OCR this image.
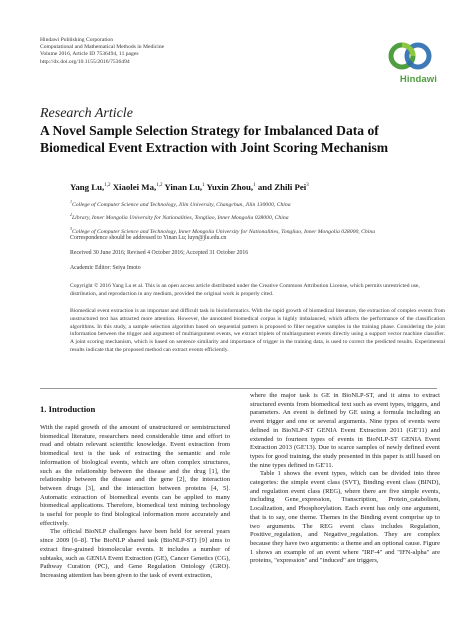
Hindawi Publishing Corporation
Computational and Mathematical Methods in Medicine
Volume 2016, Article ID 7536494, 11 pages
http://dx.doi.org/10.1155/2016/7536494
Hindawi
Research Article
A Novel Sample Selection Strategy for Imbalanced Data of Biomedical Event Extraction with Joint Scoring Mechanism
Yang Lu,$^{1,2}$ Xiaolei Ma,$^{1,2}$ Yinan Lu,$^1$ Yuxin Zhou,$^1$ and Zhili Pei$^3$
$^1$College of Computer Science and Technology, Jilin University, Changchun, Jilin 130000, China
$^2$Library, Inner Mongolia University for Nationalities, Tongliao, Inner Mongolia 028000, China
$^3$College of Computer Science and Technology, Inner Mongolia University for Nationalities, Tongliao, Inner Mongolia 028000, China
Correspondence should be addressed to Yinan Lu; luyn@jlu.edu.cn
Received 30 June 2016; Revised 4 October 2016; Accepted 31 October 2016
Academic Editor: Seiya Imoto
Copyright © 2016 Yang Lu et al. This is an open access article distributed under the Creative Commons Attribution License, which permits unrestricted use, distribution, and reproduction in any medium, provided the original work is properly cited.
Biomedical event extraction is an important and difficult task in bioinformatics. With the rapid growth of biomedical literature, the extraction of complex events from unstructured text has attracted more attention. However, the annotated biomedical corpus is highly imbalanced, which affects the performance of the classification algorithms. In this study, a sample selection algorithm based on sequential pattern is proposed to filter negative samples in the training phase. Considering the joint information between the trigger and argument of multiargument events, we extract triplets of multiargument events directly using a support vector machine classifier. A joint scoring mechanism, which is based on sentence similarity and importance of trigger in the training data, is used to correct the predicted results. Experimental results indicate that the proposed method can extract events efficiently.
1. Introduction

With the rapid growth of the amount of unstructured or semistructured biomedical literature, researchers need considerable time and effort to read and obtain relevant scientific knowledge. Event extraction from biomedical text is the task of extracting the semantic and role information of biological events, which are often complex structures, such as the relationship between the disease and the drug [1], the relationship between the disease and the gene [2], the interaction between drugs [3], and the interaction between proteins [4, 5]. Automatic extraction of biomedical events can be applied to many biomedical applications. Therefore, biomedical text mining technology is useful for people to find biological information more accurately and effectively.

The official BioNLP challenges have been held for several years since 2009 [6–8]. The BioNLP shared task (BioNLP-ST) [9] aims to extract fine-grained biomolecular events. It includes a number of subtasks, such as GENIA Event Extraction (GE), Cancer Genetics (CG), Pathway Curation (PC), and Gene Regulation Ontology (GRO). Increasing attention has been given to the task of event extraction,

where the major task is GE in BioNLP-ST, and it aims to extract structured events from biomedical text such as event types, triggers, and parameters. An event is defined by GE using a formula including an event trigger and one or several arguments. Nine types of events were defined in BioNLP-ST GENIA Event Extraction 2011 (GE'11) and extended to fourteen types of events in BioNLP-ST GENIA Event Extraction 2013 (GE'13). Due to scarce samples of newly defined event types for good training, the study presented in this paper is still based on the nine types defined in GE'11.

Table 1 shows the event types, which can be divided into three categories: the simple event class (SVT), Binding event class (BIND), and regulation event class (REG), where there are five simple events, including Gene_expression, Transcription, Protein_catabolism, Localization, and Phosphorylation. Each event has only one argument, that is to say, one theme. Themes in the Binding event comprise up to two arguments. The REG event class includes Regulation, Positive_regulation, and Negative_regulation. They are complex because they have two arguments: a theme and an optional cause. Figure 1 shows an example of an event where "IRF-4" and "IFN-alpha" are proteins, "expression" and "induced" are triggers,
